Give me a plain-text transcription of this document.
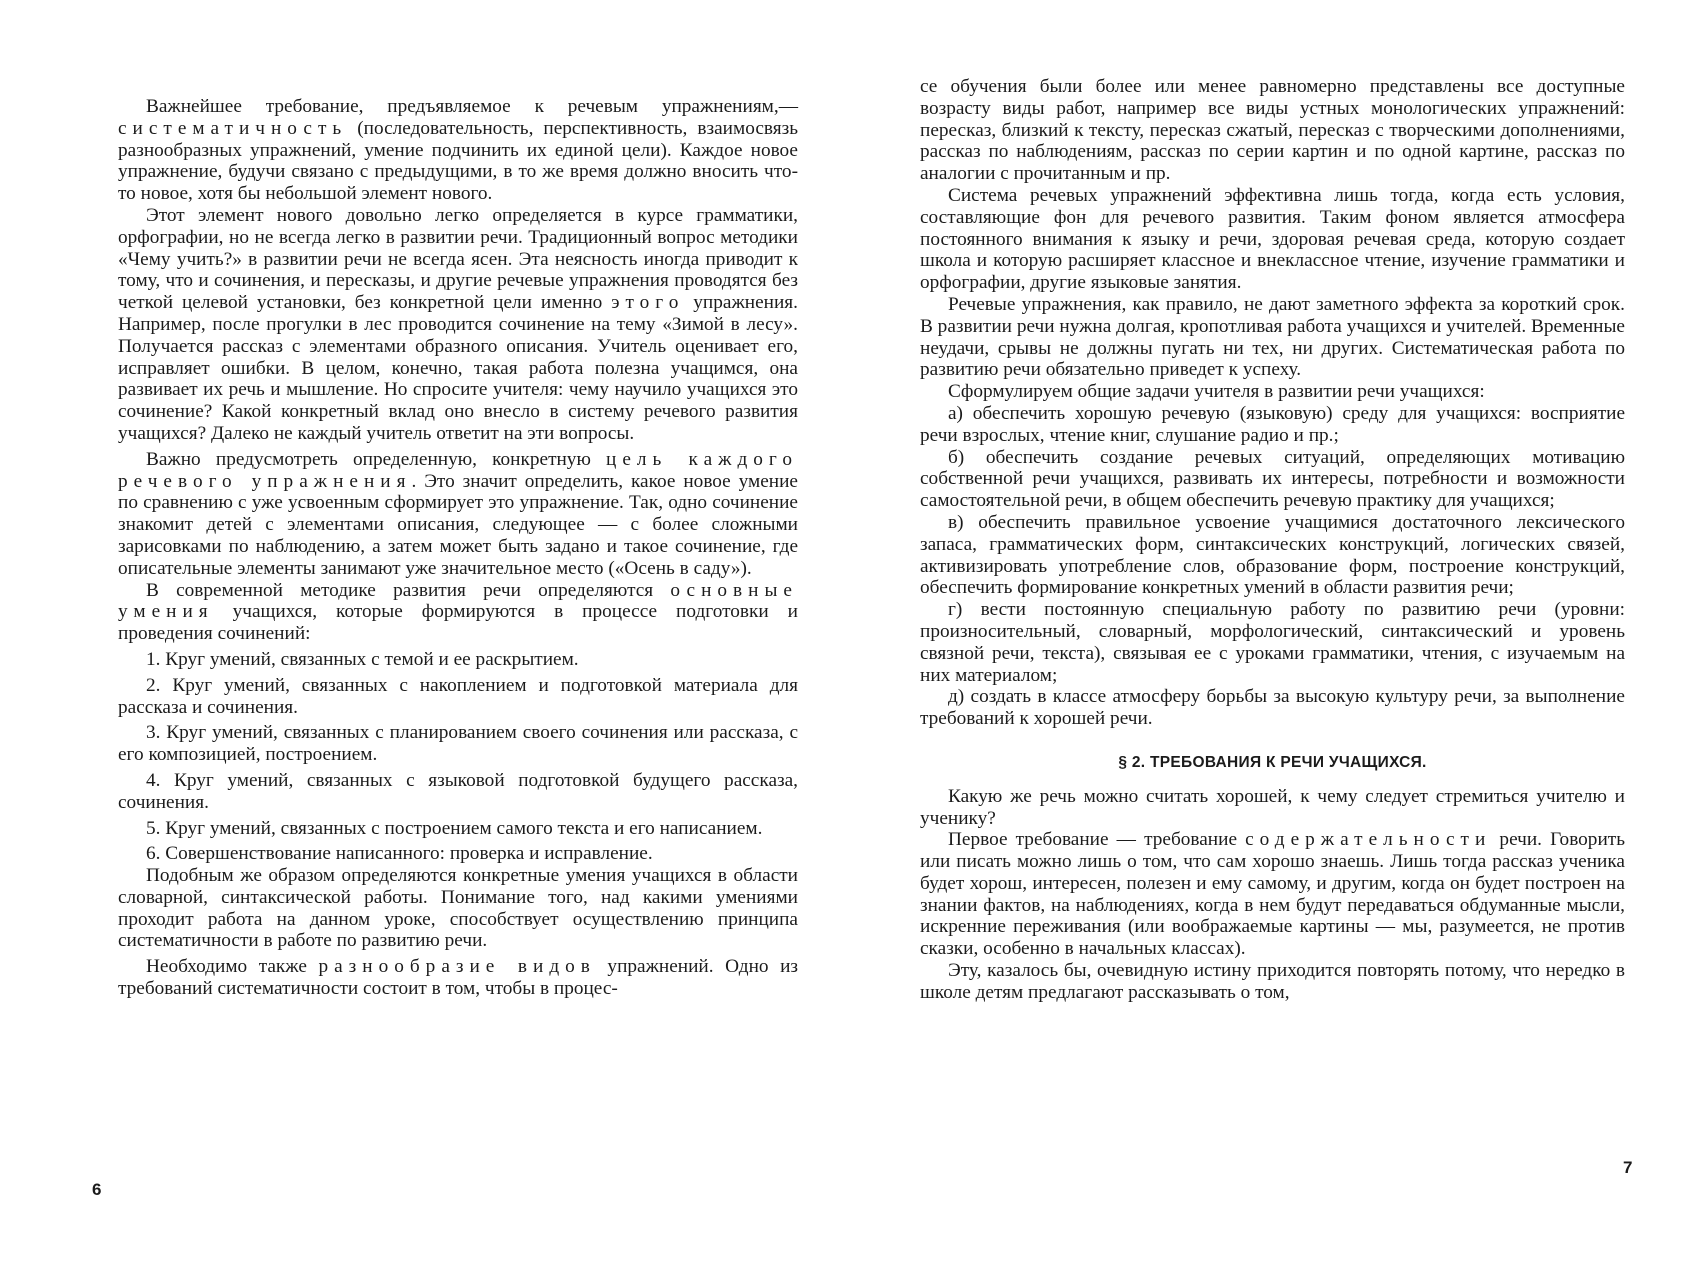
Важнейшее требование, предъявляемое к речевым упражнениям,— систематичность (последовательность, перспективность, взаимосвязь разнообразных упражнений, умение подчинить их единой цели). Каждое новое упражнение, будучи связано с предыдущими, в то же время должно вносить что-то новое, хотя бы небольшой элемент нового.

Этот элемент нового довольно легко определяется в курсе грамматики, орфографии, но не всегда легко в развитии речи. Традиционный вопрос методики «Чему учить?» в развитии речи не всегда ясен. Эта неясность иногда приводит к тому, что и сочинения, и пересказы, и другие речевые упражнения проводятся без четкой целевой установки, без конкретной цели именно этого упражнения. Например, после прогулки в лес проводится сочинение на тему «Зимой в лесу». Получается рассказ с элементами образного описания. Учитель оценивает его, исправляет ошибки. В целом, конечно, такая работа полезна учащимся, она развивает их речь и мышление. Но спросите учителя: чему научило учащихся это сочинение? Какой конкретный вклад оно внесло в систему речевого развития учащихся? Далеко не каждый учитель ответит на эти вопросы.

Важно предусмотреть определенную, конкретную цель каждого речевого упражнения. Это значит определить, какое новое умение по сравнению с уже усвоенным сформирует это упражнение. Так, одно сочинение знакомит детей с элементами описания, следующее — с более сложными зарисовками по наблюдению, а затем может быть задано и такое сочинение, где описательные элементы занимают уже значительное место («Осень в саду»).

В современной методике развития речи определяются основные умения учащихся, которые формируются в процессе подготовки и проведения сочинений:

1. Круг умений, связанных с темой и ее раскрытием.

2. Круг умений, связанных с накоплением и подготовкой материала для рассказа и сочинения.

3. Круг умений, связанных с планированием своего сочинения или рассказа, с его композицией, построением.

4. Круг умений, связанных с языковой подготовкой будущего рассказа, сочинения.

5. Круг умений, связанных с построением самого текста и его написанием.

6. Совершенствование написанного: проверка и исправление.

Подобным же образом определяются конкретные умения учащихся в области словарной, синтаксической работы. Понимание того, над какими умениями проходит работа на данном уроке, способствует осуществлению принципа систематичности в работе по развитию речи.

Необходимо также разнообразие видов упражнений. Одно из требований систематичности состоит в том, чтобы в процес-

6

се обучения были более или менее равномерно представлены все доступные возрасту виды работ, например все виды устных монологических упражнений: пересказ, близкий к тексту, пересказ сжатый, пересказ с творческими дополнениями, рассказ по наблюдениям, рассказ по серии картин и по одной картине, рассказ по аналогии с прочитанным и пр.

Система речевых упражнений эффективна лишь тогда, когда есть условия, составляющие фон для речевого развития. Таким фоном является атмосфера постоянного внимания к языку и речи, здоровая речевая среда, которую создает школа и которую расширяет классное и внеклассное чтение, изучение грамматики и орфографии, другие языковые занятия.

Речевые упражнения, как правило, не дают заметного эффекта за короткий срок. В развитии речи нужна долгая, кропотливая работа учащихся и учителей. Временные неудачи, срывы не должны пугать ни тех, ни других. Систематическая работа по развитию речи обязательно приведет к успеху.

Сформулируем общие задачи учителя в развитии речи учащихся:

а) обеспечить хорошую речевую (языковую) среду для учащихся: восприятие речи взрослых, чтение книг, слушание радио и пр.;

б) обеспечить создание речевых ситуаций, определяющих мотивацию собственной речи учащихся, развивать их интересы, потребности и возможности самостоятельной речи, в общем обеспечить речевую практику для учащихся;

в) обеспечить правильное усвоение учащимися достаточного лексического запаса, грамматических форм, синтаксических конструкций, логических связей, активизировать употребление слов, образование форм, построение конструкций, обеспечить формирование конкретных умений в области развития речи;

г) вести постоянную специальную работу по развитию речи (уровни: произносительный, словарный, морфологический, синтаксический и уровень связной речи, текста), связывая ее с уроками грамматики, чтения, с изучаемым на них материалом;

д) создать в классе атмосферу борьбы за высокую культуру речи, за выполнение требований к хорошей речи.

§ 2. ТРЕБОВАНИЯ К РЕЧИ УЧАЩИХСЯ.

Какую же речь можно считать хорошей, к чему следует стремиться учителю и ученику?

Первое требование — требование содержательности речи. Говорить или писать можно лишь о том, что сам хорошо знаешь. Лишь тогда рассказ ученика будет хорош, интересен, полезен и ему самому, и другим, когда он будет построен на знании фактов, на наблюдениях, когда в нем будут передаваться обдуманные мысли, искренние переживания (или воображаемые картины — мы, разумеется, не против сказки, особенно в начальных классах).

Эту, казалось бы, очевидную истину приходится повторять потому, что нередко в школе детям предлагают рассказывать о том,

7
